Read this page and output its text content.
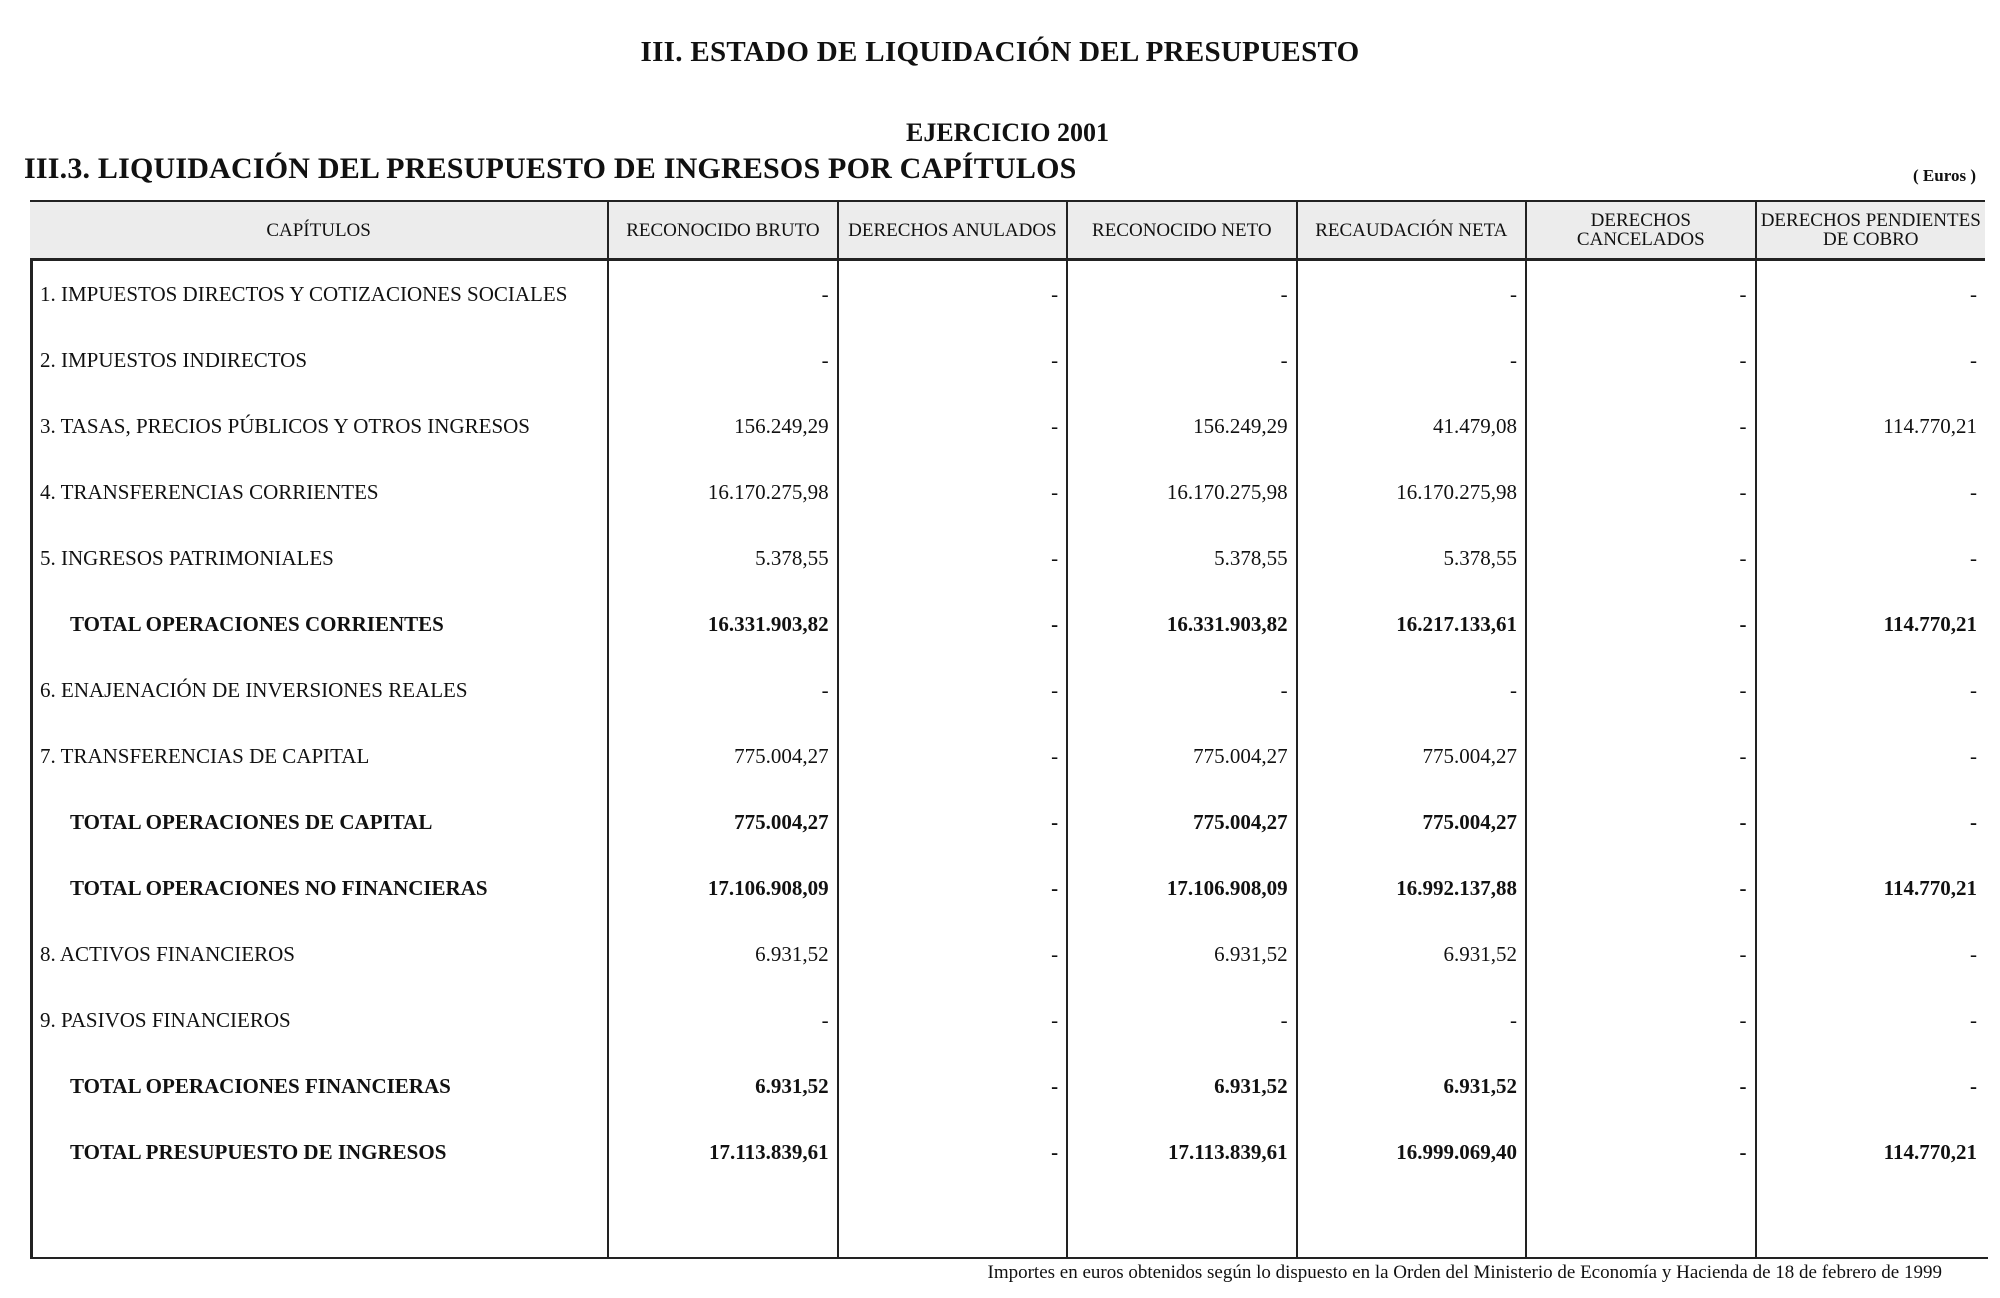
III. ESTADO DE LIQUIDACIÓN DEL PRESUPUESTO
EJERCICIO 2001
III.3. LIQUIDACIÓN DEL PRESUPUESTO DE INGRESOS POR CAPÍTULOS	( Euros )
CAPÍTULOS	RECONOCIDO BRUTO	DERECHOS ANULADOS	RECONOCIDO NETO	RECAUDACIÓN NETA	DERECHOS CANCELADOS	DERECHOS PENDIENTES DE COBRO
1. IMPUESTOS DIRECTOS Y COTIZACIONES SOCIALES	-	-	-	-	-	-
2. IMPUESTOS INDIRECTOS	-	-	-	-	-	-
3. TASAS, PRECIOS PÚBLICOS Y OTROS INGRESOS	156.249,29	-	156.249,29	41.479,08	-	114.770,21
4. TRANSFERENCIAS CORRIENTES	16.170.275,98	-	16.170.275,98	16.170.275,98	-	-
5. INGRESOS PATRIMONIALES	5.378,55	-	5.378,55	5.378,55	-	-
TOTAL OPERACIONES CORRIENTES	16.331.903,82	-	16.331.903,82	16.217.133,61	-	114.770,21
6. ENAJENACIÓN DE INVERSIONES REALES	-	-	-	-	-	-
7. TRANSFERENCIAS DE CAPITAL	775.004,27	-	775.004,27	775.004,27	-	-
TOTAL OPERACIONES DE CAPITAL	775.004,27	-	775.004,27	775.004,27	-	-
TOTAL OPERACIONES NO FINANCIERAS	17.106.908,09	-	17.106.908,09	16.992.137,88	-	114.770,21
8. ACTIVOS FINANCIEROS	6.931,52	-	6.931,52	6.931,52	-	-
9. PASIVOS FINANCIEROS	-	-	-	-	-	-
TOTAL OPERACIONES FINANCIERAS	6.931,52	-	6.931,52	6.931,52	-	-
TOTAL PRESUPUESTO DE INGRESOS	17.113.839,61	-	17.113.839,61	16.999.069,40	-	114.770,21

Importes en euros obtenidos según lo dispuesto en la Orden del Ministerio de Economía y Hacienda de 18 de febrero de 1999
